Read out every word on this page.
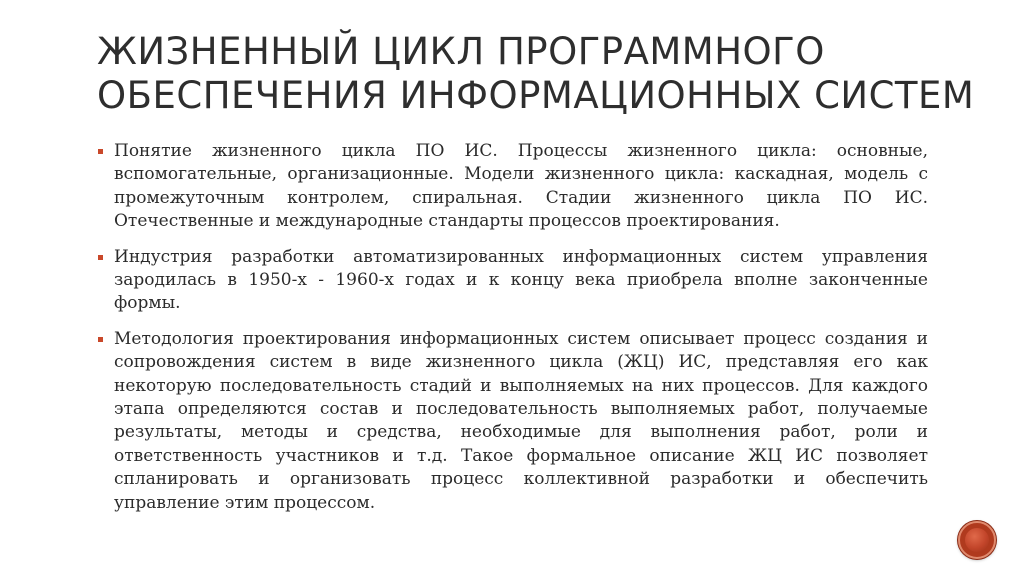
ЖИЗНЕННЫЙ ЦИКЛ ПРОГРАММНОГО
ОБЕСПЕЧЕНИЯ ИНФОРМАЦИОННЫХ СИСТЕМ
Понятие жизненного цикла ПО ИС. Процессы жизненного цикла: основные, вспомогательные, организационные. Модели жизненного цикла: каскадная, модель с промежуточным контролем, спиральная. Стадии жизненного цикла ПО ИС. Отечественные и международные стандарты процессов проектирования.
Индустрия разработки автоматизированных информационных систем управления зародилась в 1950-х - 1960-х годах и к концу века приобрела вполне законченные формы.
Методология проектирования информационных систем описывает процесс создания и сопровождения систем в виде жизненного цикла (ЖЦ) ИС, представляя его как некоторую последовательность стадий и выполняемых на них процессов. Для каждого этапа определяются состав и последовательность выполняемых работ, получаемые результаты, методы и средства, необходимые для выполнения работ, роли и ответственность участников и т.д. Такое формальное описание ЖЦ ИС позволяет спланировать и организовать процесс коллективной разработки и обеспечить управление этим процессом.
